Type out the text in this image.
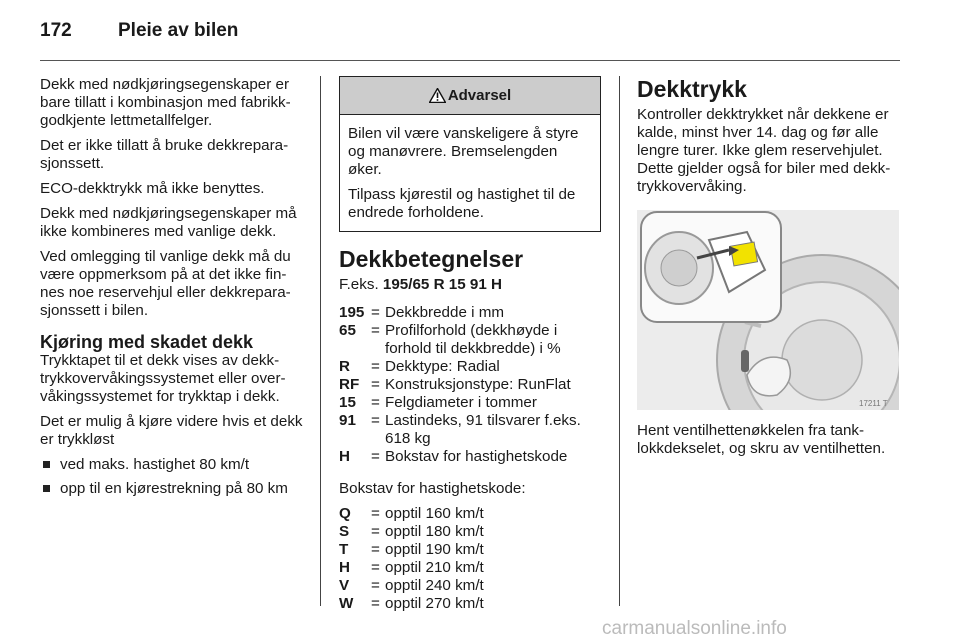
172	Pleie av bilen

Dekk med nødkjøringsegenskaper er bare tillatt i kombinasjon med fabrikk-godkjente lettmetallfelger.

Det er ikke tillatt å bruke dekkrepara-sjonssett.

ECO-dekktrykk må ikke benyttes.

Dekk med nødkjøringsegenskaper må ikke kombineres med vanlige dekk.

Ved omlegging til vanlige dekk må du være oppmerksom på at det ikke fin-nes noe reservehjul eller dekkrepara-sjonssett i bilen.

Kjøring med skadet dekk

Trykktapet til et dekk vises av dekk-trykkovervåkingssystemet eller over-våkingssystemet for trykktap i dekk.

Det er mulig å kjøre videre hvis et dekk er trykkløst

ved maks. hastighet 80 km/t
opp til en kjørestrekning på 80 km
Advarsel

Bilen vil være vanskeligere å styre og manøvrere. Bremselengden øker.

Tilpass kjørestil og hastighet til de endrede forholdene.

Dekkbetegnelser
F.eks. 195/65 R 15 91 H
195 = Dekkbredde i mm
65 = Profilforhold (dekkhøyde i forhold til dekkbredde) i %
R	= Dekktype: Radial
RF = Konstruksjonstype: RunFlat
15 = Felgdiameter i tommer
91 = Lastindeks, 91 tilsvarer f.eks. 618 kg
H	= Bokstav for hastighetskode

Bokstav for hastighetskode:

Q	= opptil 160 km/t
S	= opptil 180 km/t
T	= opptil 190 km/t
H	= opptil 210 km/t
V	= opptil 240 km/t
W	= opptil 270 km/t
Dekktrykk

Kontroller dekktrykket når dekkene er kalde, minst hver 14. dag og før alle lengre turer. Ikke glem reservehjulet. Dette gjelder også for biler med dekk-trykkovervåking.

17211 T

Hent ventilhettenøkkelen fra tank-lokkdekselet, og skru av ventilhetten.

carmanualsonline.info
